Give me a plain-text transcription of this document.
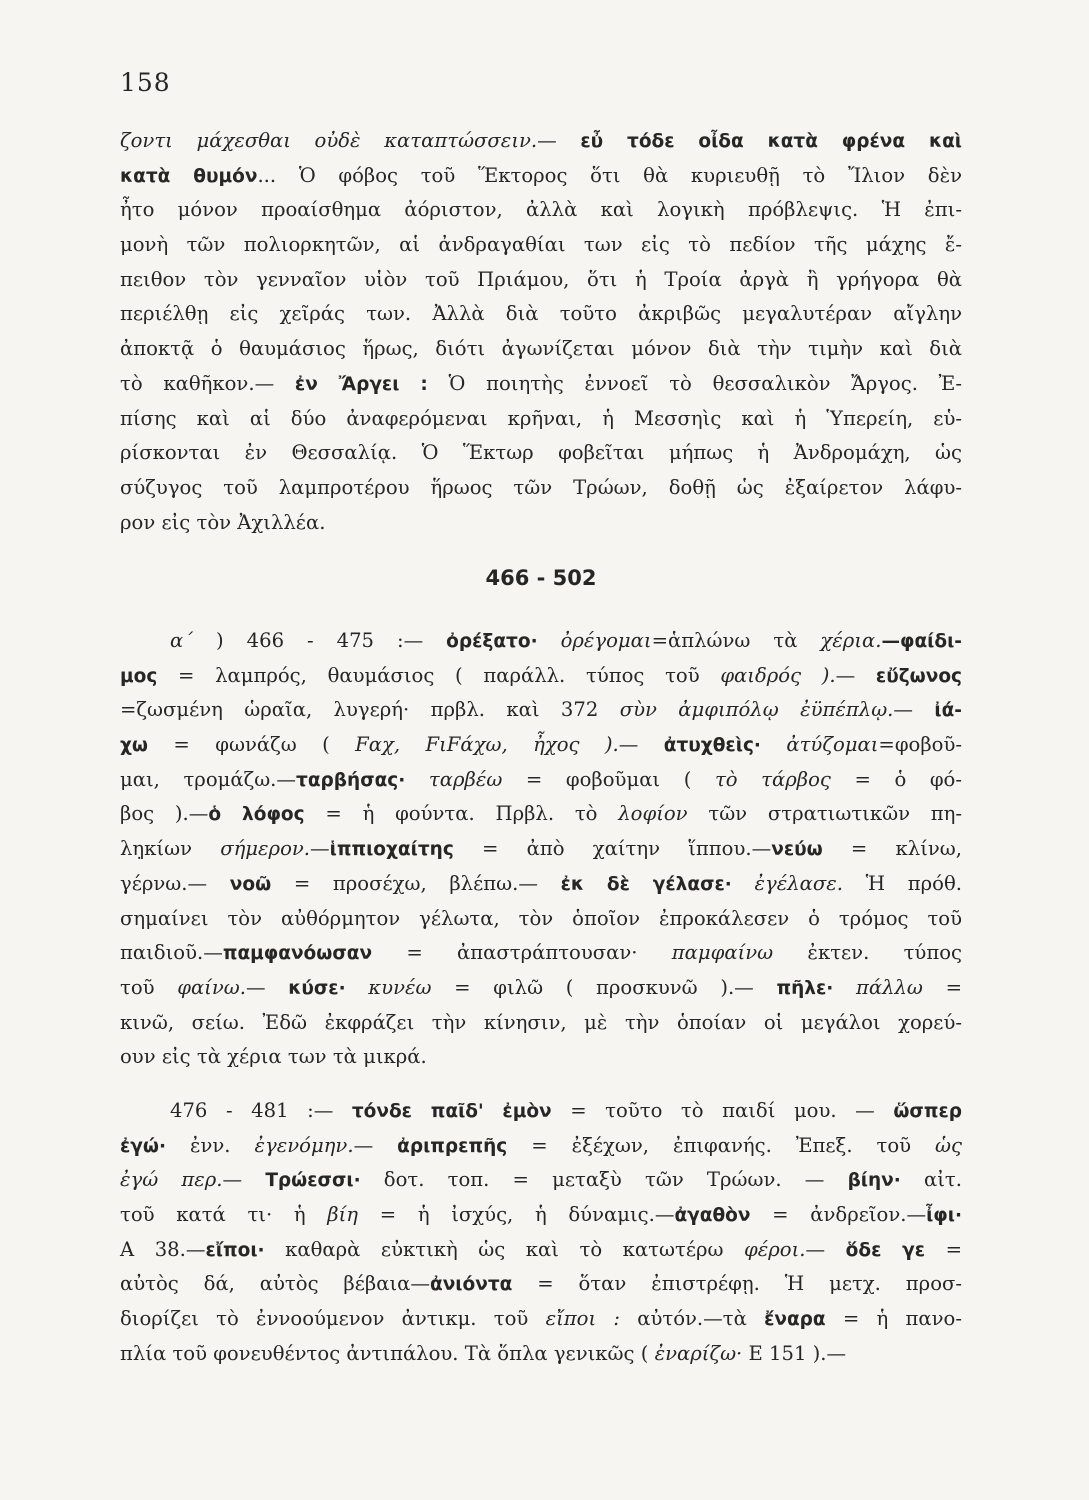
158
ζοντι μάχεσθαι οὐδὲ καταπτώσσειν.— εὖ τόδε οἶδα κατὰ φρένα καὶ
κατὰ θυμόν... Ὁ φόβος τοῦ Ἕκτορος ὅτι θὰ κυριευθῇ τὸ Ἴλιον δὲν
ἦτο μόνον προαίσθημα ἀόριστον, ἀλλὰ καὶ λογικὴ πρόβλεψις. Ἡ ἐπι-
μονὴ τῶν πολιορκητῶν, αἱ ἀνδραγαθίαι των εἰς τὸ πεδίον τῆς μάχης ἔ-
πειθον τὸν γενναῖον υἱὸν τοῦ Πριάμου, ὅτι ἡ Τροία ἀργὰ ἢ γρήγορα θὰ
περιέλθῃ εἰς χεῖράς των. Ἀλλὰ διὰ τοῦτο ἀκριβῶς μεγαλυτέραν αἴγλην
ἀποκτᾷ ὁ θαυμάσιος ἥρως, διότι ἀγωνίζεται μόνον διὰ τὴν τιμὴν καὶ διὰ
τὸ καθῆκον.— ἐν Ἄργει : Ὁ ποιητὴς ἐννοεῖ τὸ θεσσαλικὸν Ἄργος. Ἐ-
πίσης καὶ αἱ δύο ἀναφερόμεναι κρῆναι, ἡ Μεσσηὶς καὶ ἡ Ὑπερείη, εὑ-
ρίσκονται ἐν Θεσσαλίᾳ. Ὁ Ἕκτωρ φοβεῖται μήπως ἡ Ἀνδρομάχη, ὡς
σύζυγος τοῦ λαμπροτέρου ἥρωος τῶν Τρώων, δοθῇ ὡς ἐξαίρετον λάφυ-
ρον εἰς τὸν Ἀχιλλέα.
466 - 502
α΄ ) 466 - 475 :— ὀρέξατο· ὀρέγομαι=ἁπλώνω τὰ χέρια.—φαίδι-
μος = λαμπρός, θαυμάσιος ( παράλλ. τύπος τοῦ φαιδρός ).— εὔζωνος
=ζωσμένη ὡραῖα, λυγερή· πρβλ. καὶ 372 σὺν ἀμφιπόλῳ ἐϋπέπλῳ.— ἰά-
χω = φωνάζω ( Fαχ, FιFάχω, ἦχος ).— ἀτυχθεὶς· ἀτύζομαι=φοβοῦ-
μαι, τρομάζω.—ταρβήσας· ταρβέω = φοβοῦμαι ( τὸ τάρβος = ὁ φό-
βος ).—ὁ λόφος = ἡ φούντα. Πρβλ. τὸ λοφίον τῶν στρατιωτικῶν πη-
λη̣κίων σήμερον.—ἱππιοχαίτης = ἀπὸ χαίτην ἵππου.—νεύω = κλίνω,
γέρνω.— νοῶ = προσέχω, βλέπω.— ἐκ δὲ γέλασε· ἐγέλασε. Ἡ πρόθ.
σημαίνει τὸν αὐθόρμητον γέλωτα, τὸν ὁποῖον ἐπροκάλεσεν ὁ τρόμος τοῦ
παιδιοῦ.—παμφανόωσαν = ἀπαστράπτουσαν· παμφαίνω ἐκτεν. τύπος
τοῦ φαίνω.— κύσε· κυνέω = φιλῶ ( προσκυνῶ ).— πῆλε· πάλλω =
κινῶ, σείω. Ἐδῶ ἐκφράζει τὴν κίνησιν, μὲ τὴν ὁποίαν οἱ μεγάλοι χορεύ-
ουν εἰς τὰ χέρια των τὰ μικρά.
476 - 481 :— τόνδε παῖδ' ἐμὸν = τοῦτο τὸ παιδί μου. — ὥσπερ
ἐγώ· ἐνν. ἐγενόμην.— ἀριπρεπῆς = ἐξέχων, ἐπιφανής. Ἐπεξ. τοῦ ὡς
ἐγώ περ.— Τρώεσσι· δοτ. τοπ. = μεταξὺ τῶν Τρώων. — βίην· αἰτ.
τοῦ κατά τι· ἡ βίη = ἡ ἰσχύς, ἡ δύναμις.—ἀγαθὸν = ἀνδρεῖον.—ἶφι·
Α 38.—εἴποι· καθαρὰ εὐκτικὴ ὡς καὶ τὸ κατωτέρω φέροι.— ὅδε γε =
αὐτὸς δά, αὐτὸς βέβαια—ἀνιόντα = ὅταν ἐπιστρέφῃ. Ἡ μετχ. προσ-
διορίζει τὸ ἐννοούμενον ἀντικμ. τοῦ εἴποι : αὐτόν.—τὰ ἔναρα = ἡ πανο-
πλία τοῦ φονευθέντος ἀντιπάλου. Τὰ ὅπλα γενικῶς ( ἐναρίζω· Ε 151 ).—
